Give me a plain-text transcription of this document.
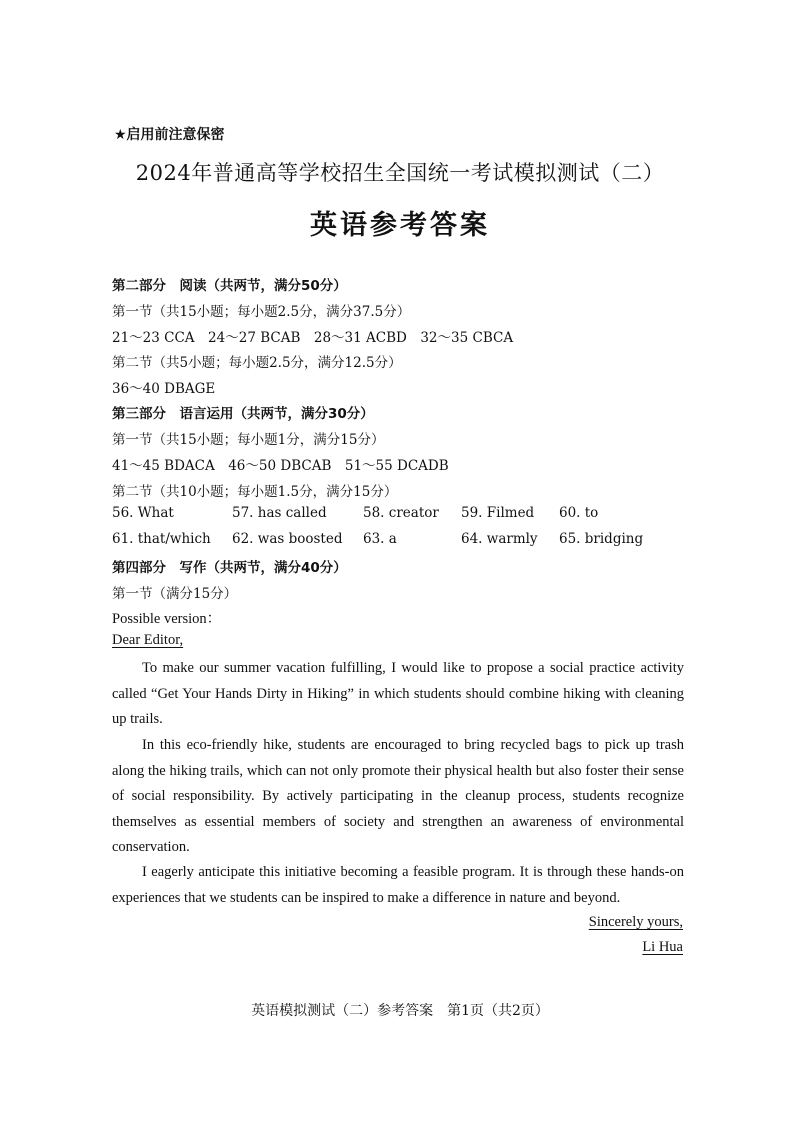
★启用前注意保密
2024年普通高等学校招生全国统一考试模拟测试（二）
英语参考答案
第二部分　阅读（共两节，满分50分）
第一节（共15小题；每小题2.5分，满分37.5分）
21～23 CCA　24～27 BCAB　28～31 ACBD　32～35 CBCA
第二节（共5小题；每小题2.5分，满分12.5分）
36～40 DBAGE
第三部分　语言运用（共两节，满分30分）
第一节（共15小题；每小题1分，满分15分）
41～45 BDACA　46～50 DBCAB　51～55 DCADB
第二节（共10小题；每小题1.5分，满分15分）
56. What	57. has called	58. creator 59. Filmed 60. to
61. that/which 62. was boosted 63. a	64. warmly 65. bridging
第四部分　写作（共两节，满分40分）
第一节（满分15分）
Possible version：
Dear Editor,
To make our summer vacation fulfilling, I would like to propose a social practice activity called “Get Your Hands Dirty in Hiking” in which students should combine hiking with cleaning up trails.
In this eco-friendly hike, students are encouraged to bring recycled bags to pick up trash along the hiking trails, which can not only promote their physical health but also foster their sense of social responsibility. By actively participating in the cleanup process, students recognize themselves as essential members of society and strengthen an awareness of environmental conservation.
I eagerly anticipate this initiative becoming a feasible program. It is through these hands-on experiences that we students can be inspired to make a difference in nature and beyond.
Sincerely yours,
Li Hua
英语模拟测试（二）参考答案　第1页（共2页）
